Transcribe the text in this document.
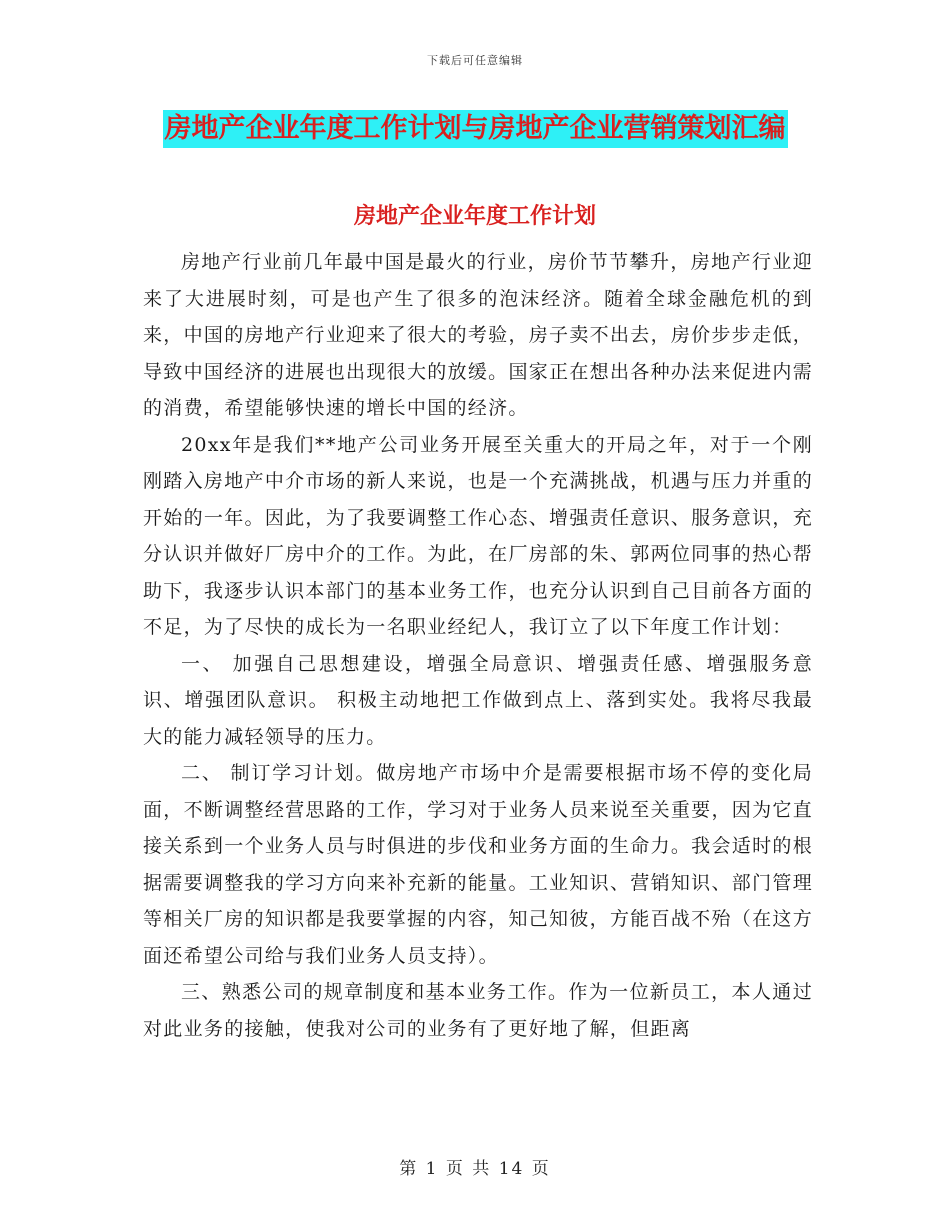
下载后可任意编辑
房地产企业年度工作计划与房地产企业营销策划汇编
房地产企业年度工作计划

房地产行业前几年最中国是最火的行业，房价节节攀升，房地产行业迎来了大进展时刻，可是也产生了很多的泡沫经济。随着全球金融危机的到来，中国的房地产行业迎来了很大的考验，房子卖不出去，房价步步走低，导致中国经济的进展也出现很大的放缓。国家正在想出各种办法来促进内需的消费，希望能够快速的增长中国的经济。

20xx年是我们**地产公司业务开展至关重大的开局之年，对于一个刚刚踏入房地产中介市场的新人来说，也是一个充满挑战，机遇与压力并重的开始的一年。因此，为了我要调整工作心态、增强责任意识、服务意识，充分认识并做好厂房中介的工作。为此，在厂房部的朱、郭两位同事的热心帮助下，我逐步认识本部门的基本业务工作，也充分认识到自己目前各方面的不足，为了尽快的成长为一名职业经纪人，我订立了以下年度工作计划：

一、 加强自己思想建设，增强全局意识、增强责任感、增强服务意识、增强团队意识。 积极主动地把工作做到点上、落到实处。我将尽我最大的能力减轻领导的压力。

二、 制订学习计划。做房地产市场中介是需要根据市场不停的变化局面，不断调整经营思路的工作，学习对于业务人员来说至关重要，因为它直接关系到一个业务人员与时俱进的步伐和业务方面的生命力。我会适时的根据需要调整我的学习方向来补充新的能量。工业知识、营销知识、部门管理等相关厂房的知识都是我要掌握的内容，知己知彼，方能百战不殆（在这方面还希望公司给与我们业务人员支持）。

三、熟悉公司的规章制度和基本业务工作。作为一位新员工，本人通过对此业务的接触，使我对公司的业务有了更好地了解，但距离

第 1 页 共 14 页
